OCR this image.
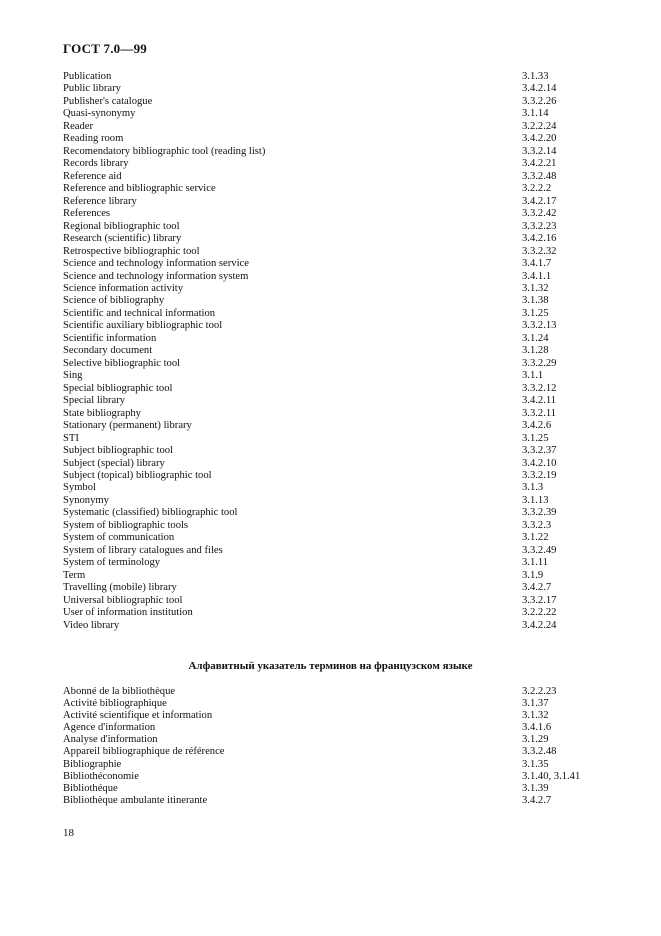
ГОСТ 7.0—99
Publication	3.1.33
Public library	3.4.2.14
Publisher's catalogue	3.3.2.26
Quasi-synonymy	3.1.14
Reader	3.2.2.24
Reading room	3.4.2.20
Recomendatory bibliographic tool (reading list)	3.3.2.14
Records library	3.4.2.21
Reference aid	3.3.2.48
Reference and bibliographic service	3.2.2.2
Reference library	3.4.2.17
References	3.3.2.42
Regional bibliographic tool	3.3.2.23
Research (scientific) library	3.4.2.16
Retrospective bibliographic tool	3.3.2.32
Science and technology information service	3.4.1.7
Science and technology information system	3.4.1.1
Science information activity	3.1.32
Science of bibliography	3.1.38
Scientific and technical information	3.1.25
Scientific auxiliary bibliographic tool	3.3.2.13
Scientific information	3.1.24
Secondary document	3.1.28
Selective bibliographic tool	3.3.2.29
Sing	3.1.1
Special bibliographic tool	3.3.2.12
Special library	3.4.2.11
State bibliography	3.3.2.11
Stationary (permanent) library	3.4.2.6
STI	3.1.25
Subject bibliographic tool	3.3.2.37
Subject (special) library	3.4.2.10
Subject (topical) bibliographic tool	3.3.2.19
Symbol	3.1.3
Synonymy	3.1.13
Systematic (classified) bibliographic tool	3.3.2.39
System of bibliographic tools	3.3.2.3
System of communication	3.1.22
System of library catalogues and files	3.3.2.49
System of terminology	3.1.11
Term	3.1.9
Travelling (mobile) library	3.4.2.7
Universal bibliographic tool	3.3.2.17
User of information institution	3.2.2.22
Video library	3.4.2.24
Алфавитный указатель терминов на французском языке
Abonné de la bibliothèque	3.2.2.23
Activité bibliographique	3.1.37
Activité scientifique et information	3.1.32
Agence d'information	3.4.1.6
Analyse d'information	3.1.29
Appareil bibliographique de référence	3.3.2.48
Bibliographie	3.1.35
Bibliothéconomie	3.1.40, 3.1.41
Bibliothéque	3.1.39
Bibliothèque ambulante itinerante	3.4.2.7
18
